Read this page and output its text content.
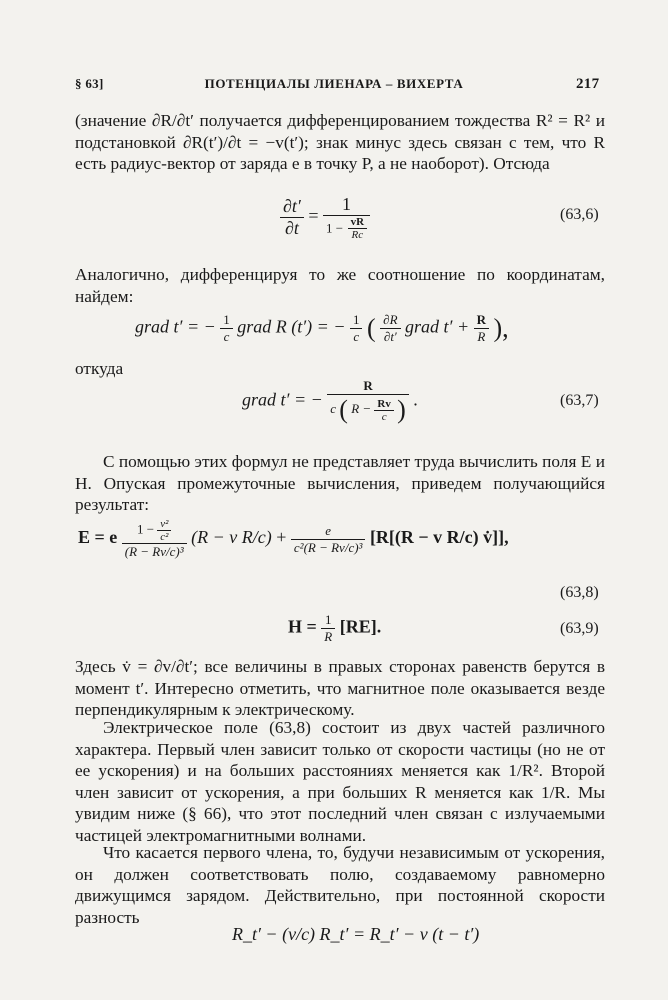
§ 63]	ПОТЕНЦИАЛЫ ЛИЕНАРА – ВИХЕРТА	217
(значение ∂R/∂t′ получается дифференцированием тождества R² = R² и подстановкой ∂R(t′)/∂t = −v(t′); знак минус здесь связан с тем, что R есть радиус-вектор от заряда e в точку P, а не наоборот). Отсюда
$\frac{\partial t'}{\partial t} = \frac{1}{1 - \frac{vR}{Rc}}$	(63,6)
Аналогично, дифференцируя то же соотношение по координатам, найдем:
grad t′ = − $\frac{1}{c}$ grad R (t′) = − $\frac{1}{c}$ ( $\frac{\partial R}{\partial t'}$ grad $t' + \frac{R}{R}$ ),
откуда
grad t′ = −
R
c ( $R - \frac{Rv}{c}$ ) .	(63,7)
С помощью этих формул не представляет труда вычислить поля E и H. Опуская промежуточные вычисления, приведем получающийся результат:
E = e $\frac{1 - \frac{\text{v²}}{\text{c²}}}{\text{(R − Rv/c)³}} (R - v$ $R/c) + \frac{e}{\text{c²(R − Rv/c)³}} [R[(R - v$ R/c) v̇]],
(63,8)
$H = \frac{1}{R} [RE]$.	(63,9)
Здесь v̇ = ∂v/∂t′; все величины в правых сторонах равенств берутся в момент t′. Интересно отметить, что магнитное поле оказывается везде перпендикулярным к электрическому.
Электрическое поле (63,8) состоит из двух частей различного характера. Первый член зависит только от скорости частицы (но не от ее ускорения) и на больших расстояниях меняется как 1/R². Второй член зависит от ускорения, а при больших R меняется как 1/R. Мы увидим ниже (§ 66), что этот последний член связан с излучаемыми частицей электромагнитными волнами.
Что касается первого члена, то, будучи независимым от ускорения, он должен соответствовать полю, создаваемому равномерно движущимся зарядом. Действительно, при постоянной скорости разность
R_t′ − (v/c) R_t′ = R_t′ − v (t − t′)
